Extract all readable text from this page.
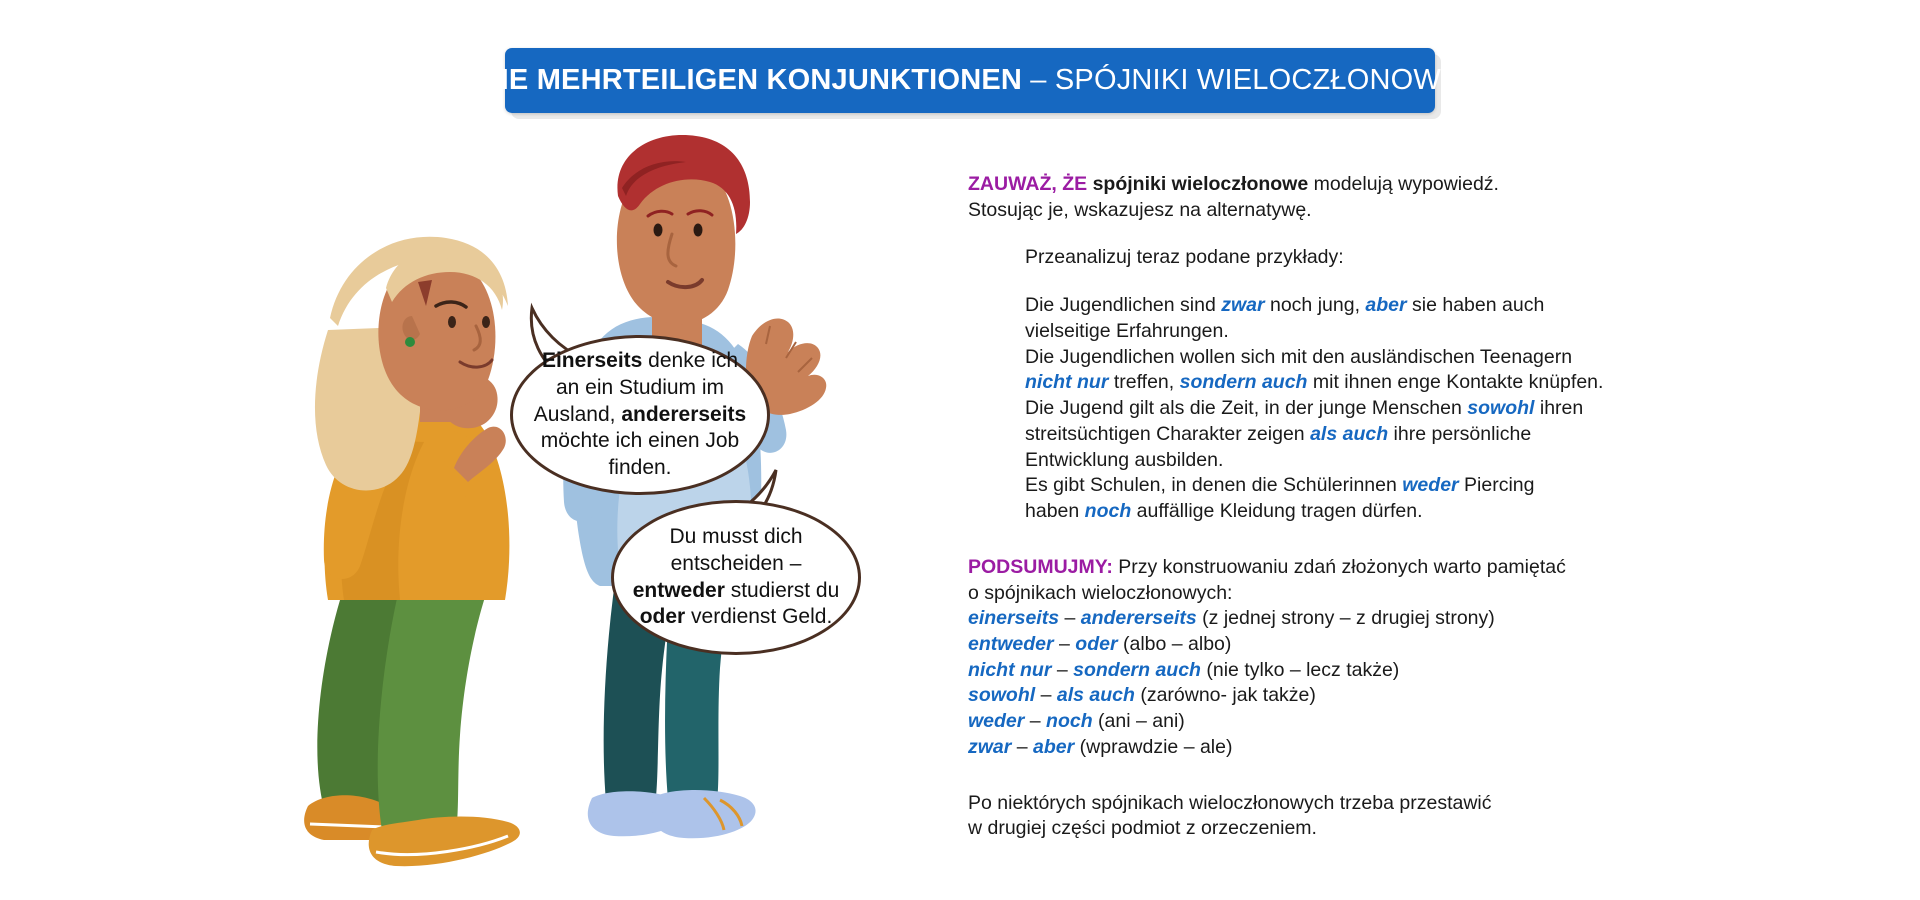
DIE MEHRTEILIGEN KONJUNKTIONEN – SPÓJNIKI WIELOCZŁONOWE

Einerseits denke ich an ein Studium im Ausland, andererseits möchte ich einen Job finden.

Du musst dich entscheiden – entweder studierst du oder verdienst Geld.

ZAUWAŻ, ŻE spójniki wieloczłonowe modelują wypowiedź.
Stosując je, wskazujesz na alternatywę.
Przeanalizuj teraz podane przykłady:
Die Jugendlichen sind zwar noch jung, aber sie haben auch
vielseitige Erfahrungen.
Die Jugendlichen wollen sich mit den ausländischen Teenagern
nicht nur treffen, sondern auch mit ihnen enge Kontakte knüpfen.
Die Jugend gilt als die Zeit, in der junge Menschen sowohl ihren
streitsüchtigen Charakter zeigen als auch ihre persönliche
Entwicklung ausbilden.
Es gibt Schulen, in denen die Schülerinnen weder Piercing
haben noch auffällige Kleidung tragen dürfen.
PODSUMUJMY: Przy konstruowaniu zdań złożonych warto pamiętać
o spójnikach wieloczłonowych:
einerseits – andererseits (z jednej strony – z drugiej strony)
entweder – oder (albo – albo)
nicht nur – sondern auch (nie tylko – lecz także)
sowohl – als auch (zarówno- jak także)
weder – noch (ani – ani)
zwar – aber (wprawdzie – ale)
Po niektórych spójnikach wieloczłonowych trzeba przestawić
w drugiej części podmiot z orzeczeniem.
